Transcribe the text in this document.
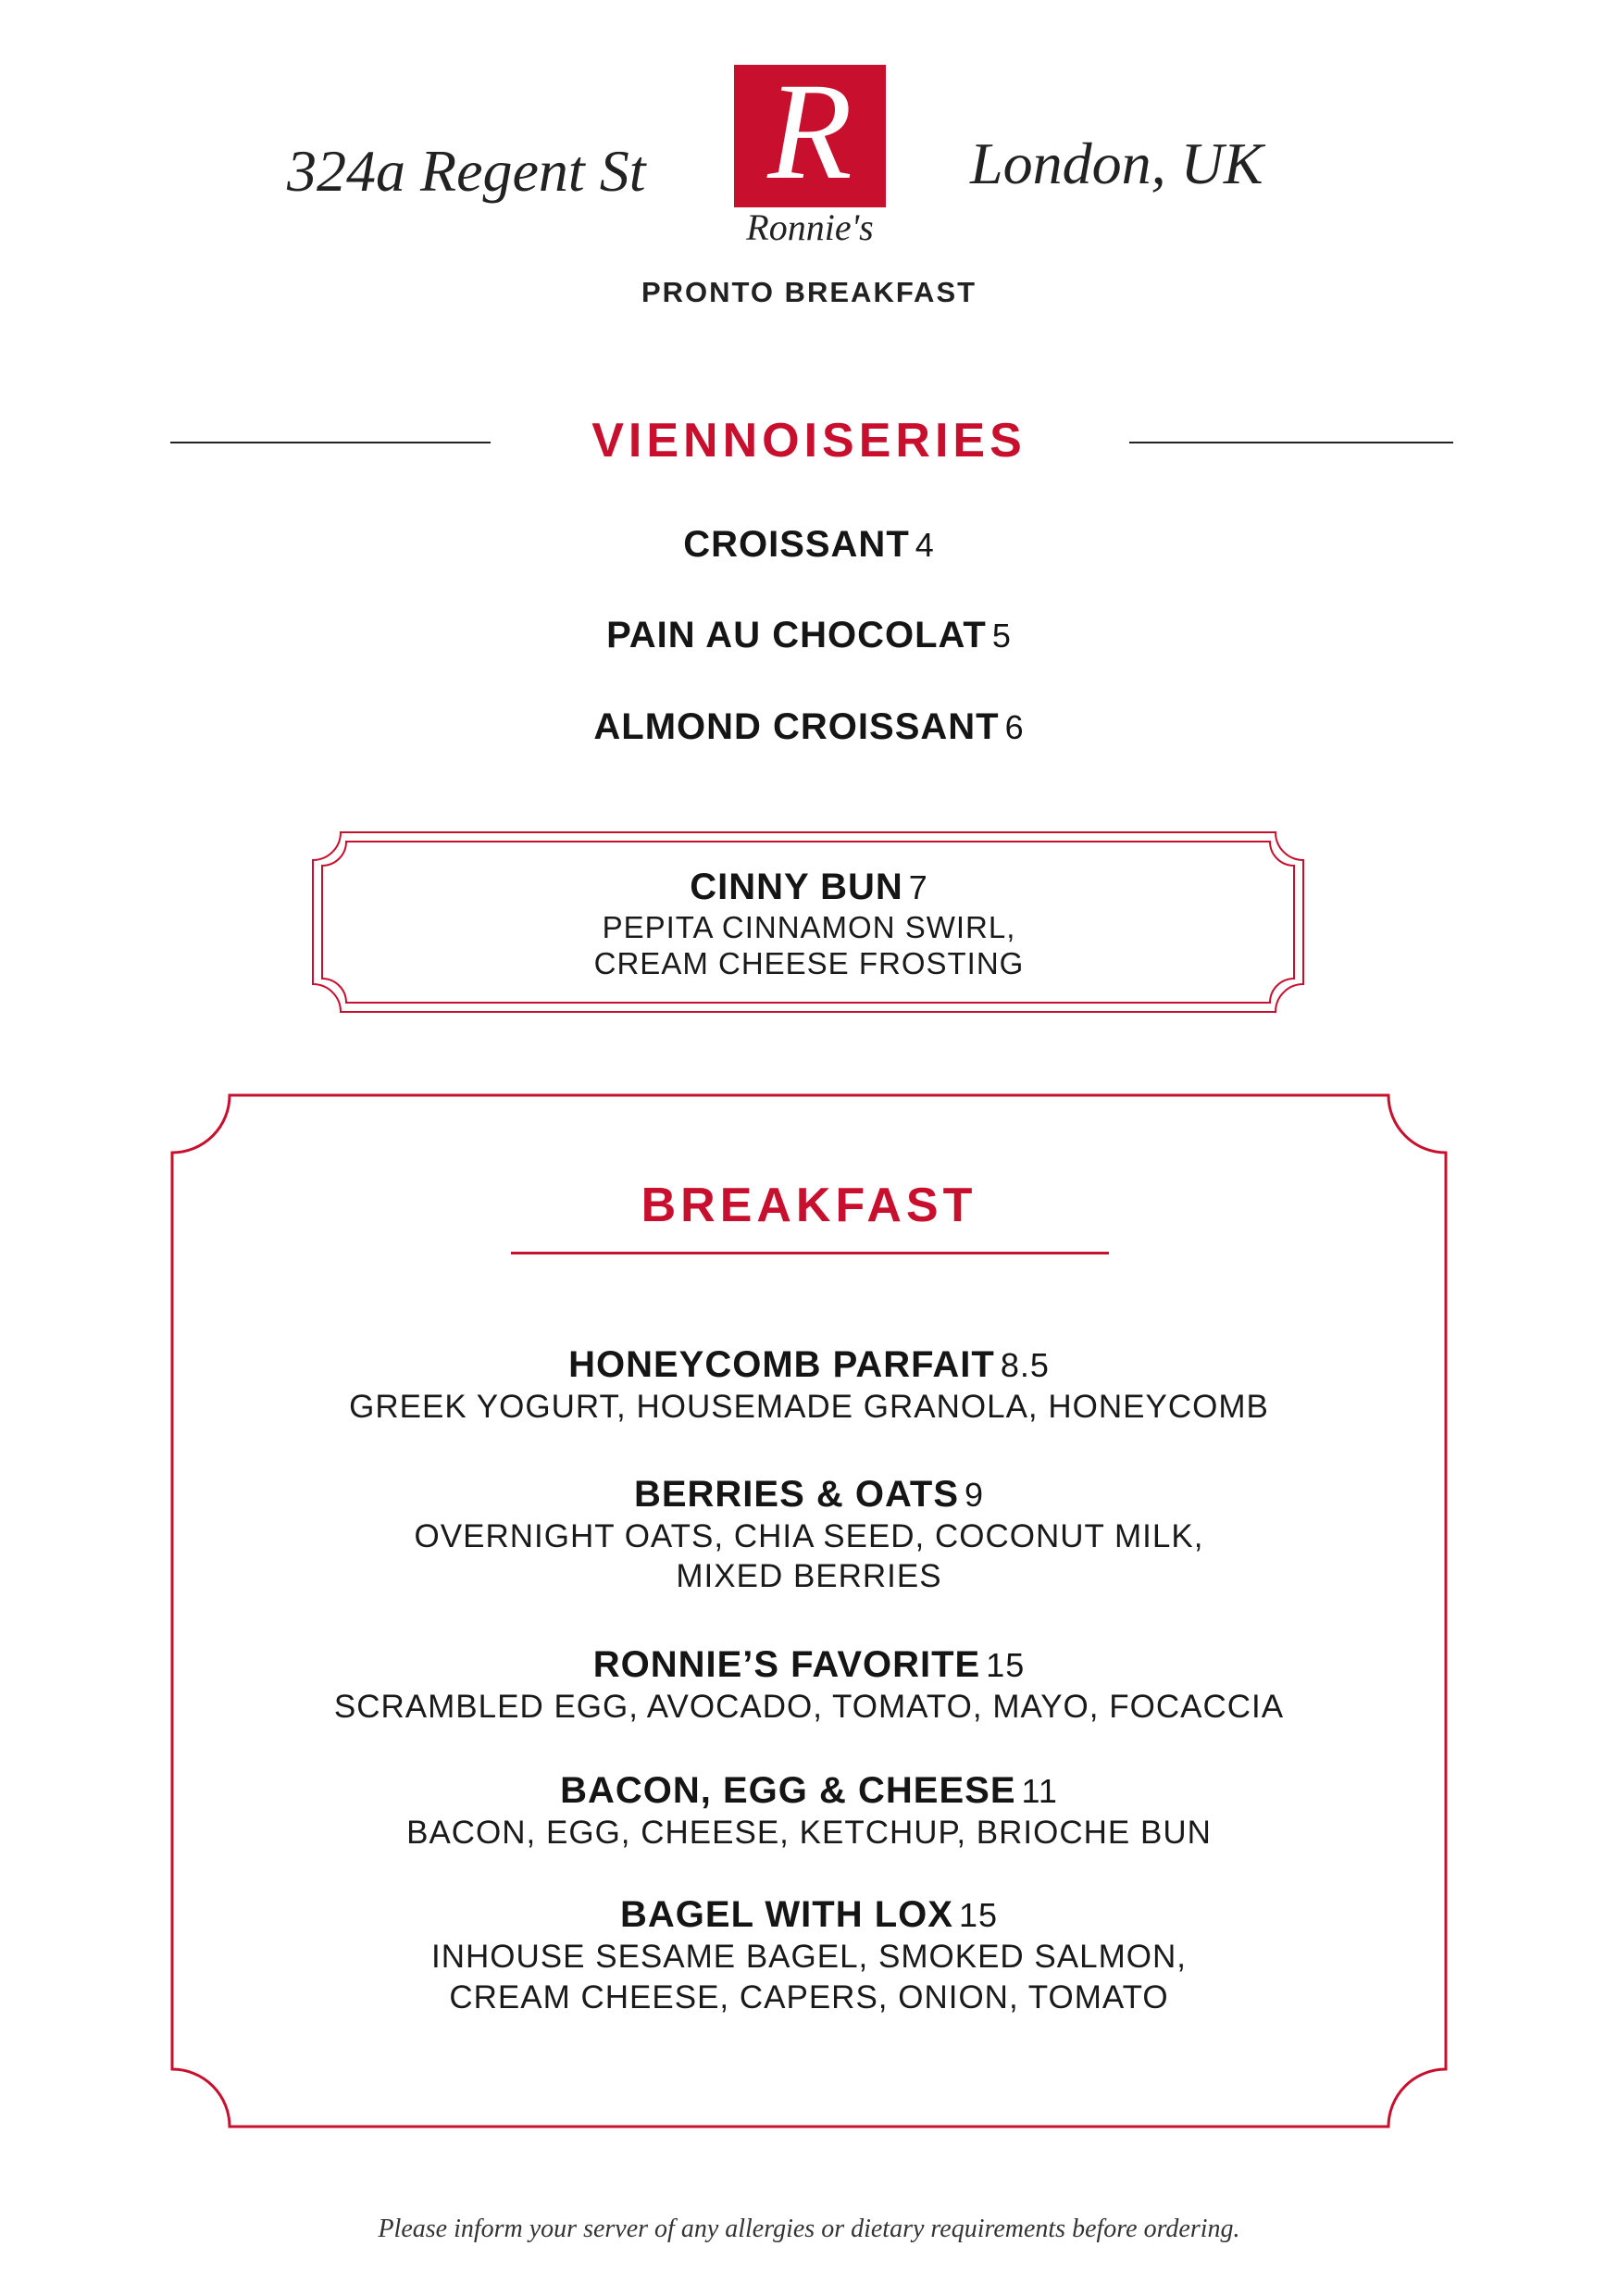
324a Regent St	London, UK
R
Ronnie's
PRONTO BREAKFAST
VIENNOISERIES
CROISSANT 4
PAIN AU CHOCOLAT 5
ALMOND CROISSANT 6
CINNY BUN 7
PEPITA CINNAMON SWIRL,
CREAM CHEESE FROSTING
BREAKFAST
HONEYCOMB PARFAIT 8.5
GREEK YOGURT, HOUSEMADE GRANOLA, HONEYCOMB
BERRIES & OATS 9
OVERNIGHT OATS, CHIA SEED, COCONUT MILK,
MIXED BERRIES
RONNIE’S FAVORITE 15
SCRAMBLED EGG, AVOCADO, TOMATO, MAYO, FOCACCIA
BACON, EGG & CHEESE 11
BACON, EGG, CHEESE, KETCHUP, BRIOCHE BUN
BAGEL WITH LOX 15
INHOUSE SESAME BAGEL, SMOKED SALMON,
CREAM CHEESE, CAPERS, ONION, TOMATO
Please inform your server of any allergies or dietary requirements before ordering.
